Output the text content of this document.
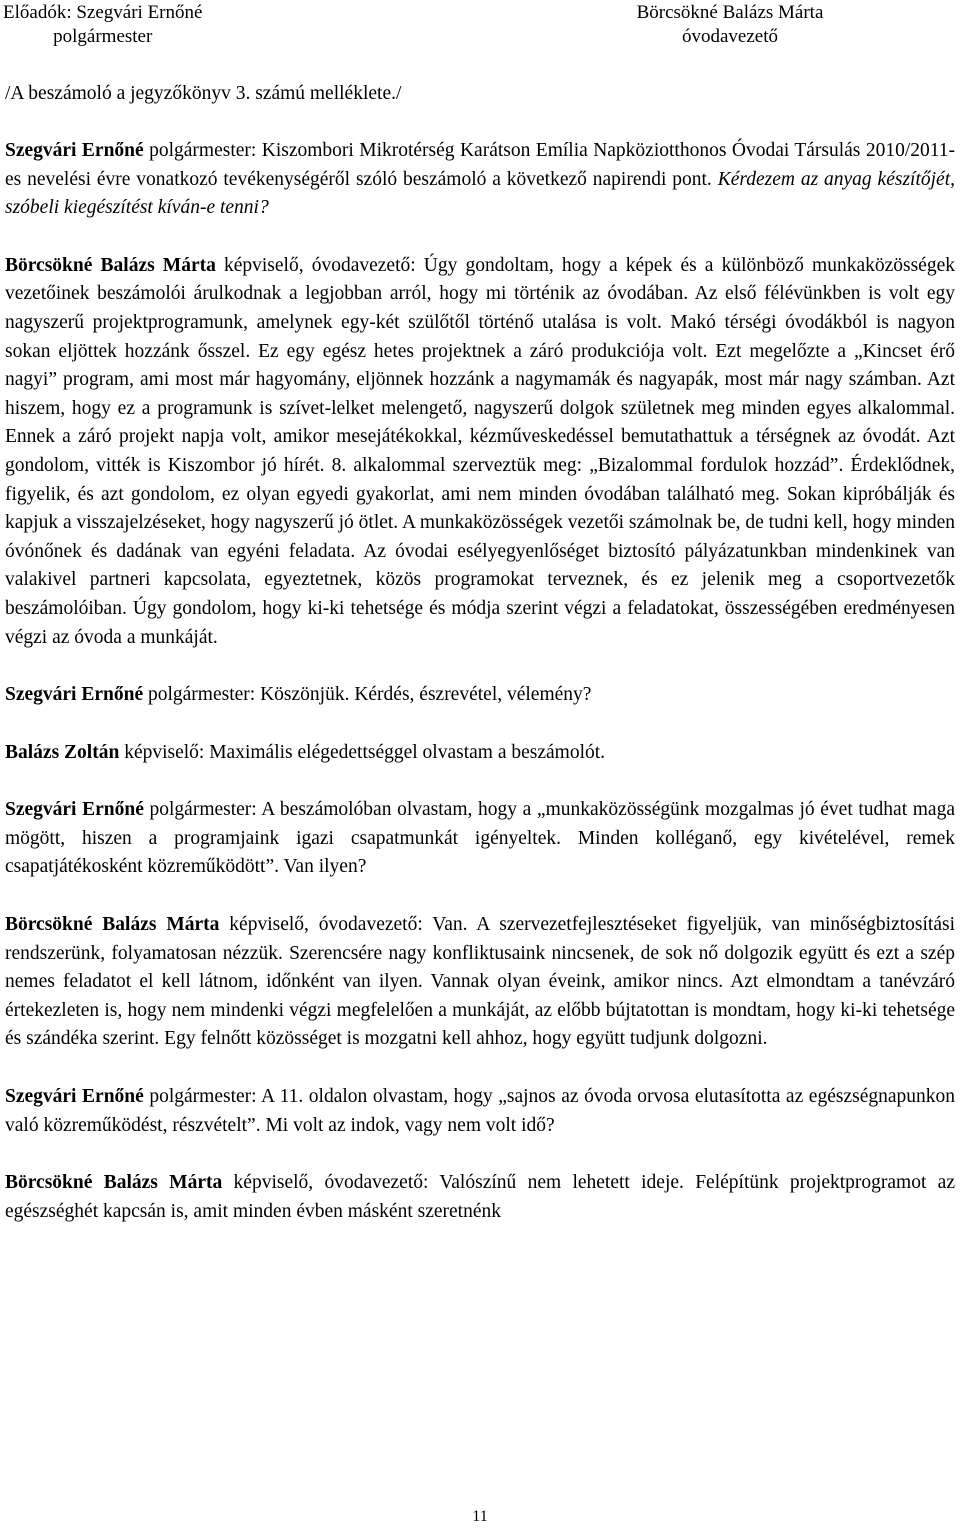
Előadók: Szegvári Ernőné
polgármester
Börcsökné Balázs Márta
óvodavezető
/A beszámoló a jegyzőkönyv 3. számú melléklete./

Szegvári Ernőné polgármester: Kiszombori Mikrotérség Karátson Emília Napköziotthonos Óvodai Társulás 2010/2011-es nevelési évre vonatkozó tevékenységéről szóló beszámoló a következő napirendi pont. Kérdezem az anyag készítőjét, szóbeli kiegészítést kíván-e tenni?

Börcsökné Balázs Márta képviselő, óvodavezető: Úgy gondoltam, hogy a képek és a különböző munkaközösségek vezetőinek beszámolói árulkodnak a legjobban arról, hogy mi történik az óvodában. Az első félévünkben is volt egy nagyszerű projektprogramunk, amelynek egy-két szülőtől történő utalása is volt. Makó térségi óvodákból is nagyon sokan eljöttek hozzánk ősszel. Ez egy egész hetes projektnek a záró produkciója volt. Ezt megelőzte a „Kincset érő nagyi” program, ami most már hagyomány, eljönnek hozzánk a nagymamák és nagyapák, most már nagy számban. Azt hiszem, hogy ez a programunk is szívet-lelket melengető, nagyszerű dolgok születnek meg minden egyes alkalommal. Ennek a záró projekt napja volt, amikor mesejátékokkal, kézműveskedéssel bemutathattuk a térségnek az óvodát. Azt gondolom, vitték is Kiszombor jó hírét. 8. alkalommal szerveztük meg: „Bizalommal fordulok hozzád”. Érdeklődnek, figyelik, és azt gondolom, ez olyan egyedi gyakorlat, ami nem minden óvodában található meg. Sokan kipróbálják és kapjuk a visszajelzéseket, hogy nagyszerű jó ötlet. A munkaközösségek vezetői számolnak be, de tudni kell, hogy minden óvónőnek és dadának van egyéni feladata. Az óvodai esélyegyenlőséget biztosító pályázatunkban mindenkinek van valakivel partneri kapcsolata, egyeztetnek, közös programokat terveznek, és ez jelenik meg a csoportvezetők beszámolóiban. Úgy gondolom, hogy ki-ki tehetsége és módja szerint végzi a feladatokat, összességében eredményesen végzi az óvoda a munkáját.

Szegvári Ernőné polgármester: Köszönjük. Kérdés, észrevétel, vélemény?

Balázs Zoltán képviselő: Maximális elégedettséggel olvastam a beszámolót.

Szegvári Ernőné polgármester: A beszámolóban olvastam, hogy a „munkaközösségünk mozgalmas jó évet tudhat maga mögött, hiszen a programjaink igazi csapatmunkát igényeltek. Minden kolléganő, egy kivételével, remek csapatjátékosként közreműködött”. Van ilyen?

Börcsökné Balázs Márta képviselő, óvodavezető: Van. A szervezetfejlesztéseket figyeljük, van minőségbiztosítási rendszerünk, folyamatosan nézzük. Szerencsére nagy konfliktusaink nincsenek, de sok nő dolgozik együtt és ezt a szép nemes feladatot el kell látnom, időnként van ilyen. Vannak olyan éveink, amikor nincs. Azt elmondtam a tanévzáró értekezleten is, hogy nem mindenki végzi megfelelően a munkáját, az előbb bújtatottan is mondtam, hogy ki-ki tehetsége és szándéka szerint. Egy felnőtt közösséget is mozgatni kell ahhoz, hogy együtt tudjunk dolgozni.

Szegvári Ernőné polgármester: A 11. oldalon olvastam, hogy „sajnos az óvoda orvosa elutasította az egészségnapunkon való közreműködést, részvételt”. Mi volt az indok, vagy nem volt idő?

Börcsökné Balázs Márta képviselő, óvodavezető: Valószínű nem lehetett ideje. Felépítünk projektprogramot az egészséghét kapcsán is, amit minden évben másként szeretnénk

11
